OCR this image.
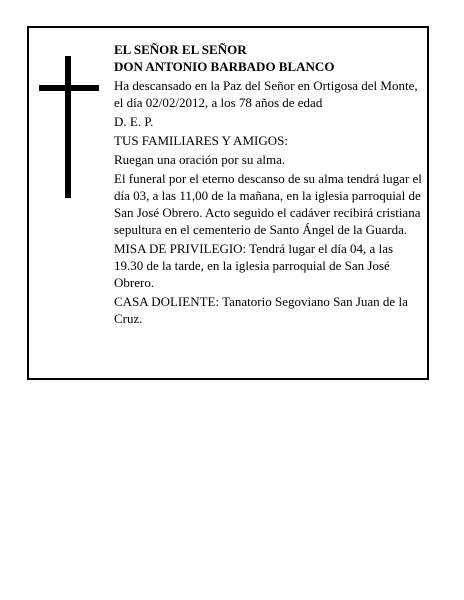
EL SEÑOR EL SEÑOR

DON ANTONIO BARBADO BLANCO

Ha descansado en la Paz del Señor en Ortigosa del Monte, el día 02/02/2012, a los 78 años de edad

D. E. P.

TUS FAMILIARES Y AMIGOS:

Ruegan una oración por su alma.

El funeral por el eterno descanso de su alma tendrá lugar el día 03, a las 11,00 de la mañana, en la iglesia parroquial de San José Obrero. Acto seguido el cadáver recibirá cristiana sepultura en el cementerio de Santo Ángel de la Guarda.

MISA DE PRIVILEGIO: Tendrá lugar el día 04, a las 19.30 de la tarde, en la iglesia parroquial de San José Obrero.

CASA DOLIENTE: Tanatorio Segoviano San Juan de la Cruz.
